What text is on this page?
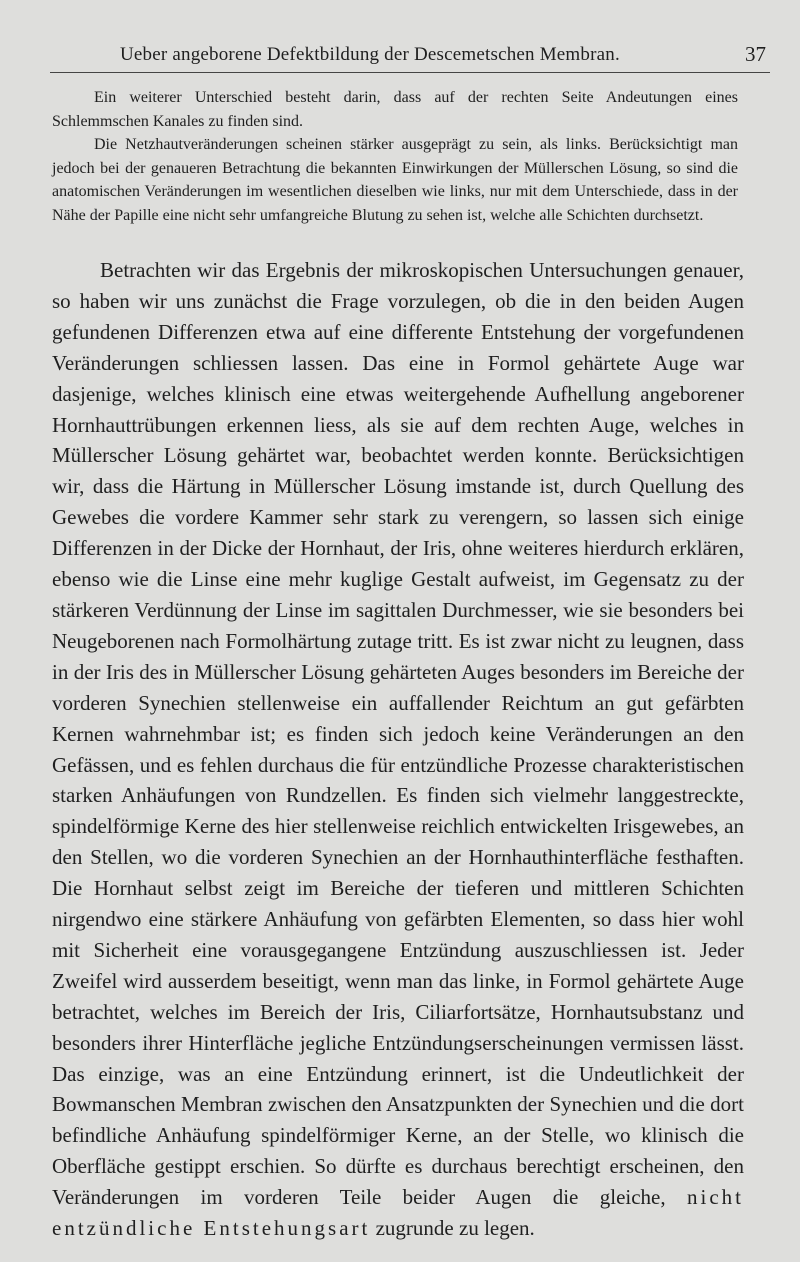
Ueber angeborene Defektbildung der Descemetschen Membran.	37

Ein weiterer Unterschied besteht darin, dass auf der rechten Seite Andeutungen eines Schlemmschen Kanales zu finden sind.

Die Netzhautveränderungen scheinen stärker ausgeprägt zu sein, als links. Berücksichtigt man jedoch bei der genaueren Betrachtung die bekannten Einwirkungen der Müllerschen Lösung, so sind die anatomischen Veränderungen im wesentlichen dieselben wie links, nur mit dem Unterschiede, dass in der Nähe der Papille eine nicht sehr umfangreiche Blutung zu sehen ist, welche alle Schichten durchsetzt.

Betrachten wir das Ergebnis der mikroskopischen Untersuchungen genauer, so haben wir uns zunächst die Frage vorzulegen, ob die in den beiden Augen gefundenen Differenzen etwa auf eine differente Entstehung der vorgefundenen Veränderungen schliessen lassen. Das eine in Formol gehärtete Auge war dasjenige, welches klinisch eine etwas weitergehende Aufhellung angeborener Hornhauttrübungen erkennen liess, als sie auf dem rechten Auge, welches in Müllerscher Lösung gehärtet war, beobachtet werden konnte. Berücksichtigen wir, dass die Härtung in Müllerscher Lösung imstande ist, durch Quellung des Gewebes die vordere Kammer sehr stark zu verengern, so lassen sich einige Differenzen in der Dicke der Hornhaut, der Iris, ohne weiteres hierdurch erklären, ebenso wie die Linse eine mehr kuglige Gestalt aufweist, im Gegensatz zu der stärkeren Verdünnung der Linse im sagittalen Durchmesser, wie sie besonders bei Neugeborenen nach Formolhärtung zutage tritt. Es ist zwar nicht zu leugnen, dass in der Iris des in Müllerscher Lösung gehärteten Auges besonders im Bereiche der vorderen Synechien stellenweise ein auffallender Reichtum an gut gefärbten Kernen wahrnehmbar ist; es finden sich jedoch keine Veränderungen an den Gefässen, und es fehlen durchaus die für entzündliche Prozesse charakteristischen starken Anhäufungen von Rundzellen. Es finden sich vielmehr langgestreckte, spindelförmige Kerne des hier stellenweise reichlich entwickelten Irisgewebes, an den Stellen, wo die vorderen Synechien an der Hornhauthinterfläche festhaften. Die Hornhaut selbst zeigt im Bereiche der tieferen und mittleren Schichten nirgendwo eine stärkere Anhäufung von gefärbten Elementen, so dass hier wohl mit Sicherheit eine vorausgegangene Entzündung auszuschliessen ist. Jeder Zweifel wird ausserdem beseitigt, wenn man das linke, in Formol gehärtete Auge betrachtet, welches im Bereich der Iris, Ciliarfortsätze, Hornhautsubstanz und besonders ihrer Hinterfläche jegliche Entzündungserscheinungen vermissen lässt. Das einzige, was an eine Entzündung erinnert, ist die Undeutlichkeit der Bowmanschen Membran zwischen den Ansatzpunkten der Synechien und die dort befindliche Anhäufung spindelförmiger Kerne, an der Stelle, wo klinisch die Oberfläche gestippt erschien. So dürfte es durchaus berechtigt erscheinen, den Veränderungen im vorderen Teile beider Augen die gleiche, nicht entzündliche Entstehungsart zugrunde zu legen.
